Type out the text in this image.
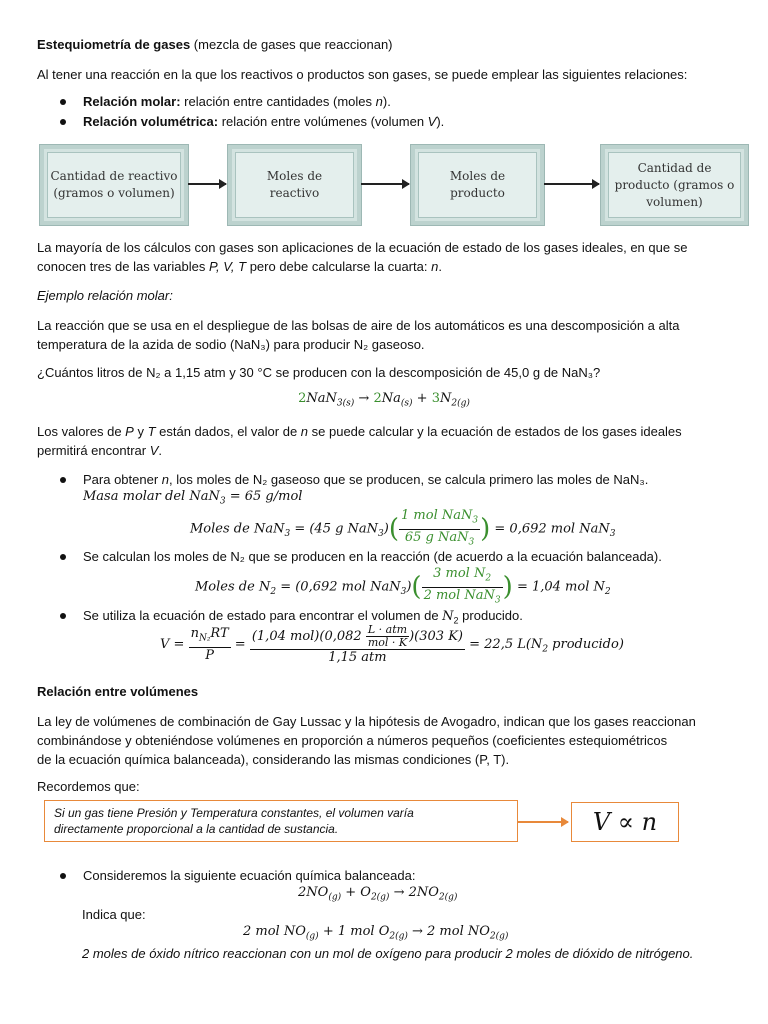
Estequiometría de gases (mezcla de gases que reaccionan)
Al tener una reacción en la que los reactivos o productos son gases, se puede emplear las siguientes relaciones:
Relación molar: relación entre cantidades (moles n).
Relación volumétrica: relación entre volúmenes (volumen V).
Cantidad de reactivo (gramos o volumen)
Moles de reactivo
Moles de producto
Cantidad de producto (gramos o volumen)
La mayoría de los cálculos con gases son aplicaciones de la ecuación de estado de los gases ideales, en que se
conocen tres de las variables P, V, T pero debe calcularse la cuarta: n.
Ejemplo relación molar:
La reacción que se usa en el despliegue de las bolsas de aire de los automáticos es una descomposición a alta
temperatura de la azida de sodio (NaN₃) para producir N₂ gaseoso.
¿Cuántos litros de N₂ a 1,15 atm y 30 °C se producen con la descomposición de 45,0 g de NaN₃?
$2NaN_{3(s)} \to 2Na_{(s)} + 3N_{2(g)}$
Los valores de P y T están dados, el valor de n se puede calcular y la ecuación de estados de los gases ideales
permitirá encontrar V.
Para obtener n, los moles de N₂ gaseoso que se producen, se calcula primero las moles de NaN₃.
Masa molar del NaN$_3$ = 65 g/mol
Moles de NaN$_3$ = (45 g $NaN_3)( \frac{1 mol NaN_3}{65 g NaN_3}$ ) = 0,692 mol NaN$_3$
Se calculan los moles de N₂ que se producen en la reacción (de acuerdo a la ecuación balanceada).
Moles de $N_2 = (0,692$ mol $NaN_3)( \frac{3 mol N_2}{2 mol NaN_3}$ ) = 1,04 mol $N_2$
Se utiliza la ecuación de estado para encontrar el volumen de $N_2$ producido.
$V = \frac{n_{N_2}RT}{P} = \frac{(1,04 mol)(0,082 \frac{\text{L · atm}}{\text{mol · K}} )(303 K)}{\text{1,15 atm}} = 22,5$ $L(N_2$ producido)
Relación entre volúmenes
La ley de volúmenes de combinación de Gay Lussac y la hipótesis de Avogadro, indican que los gases reaccionan
combinándose y obteniéndose volúmenes en proporción a números pequeños (coeficientes estequiométricos
de la ecuación química balanceada), considerando las mismas condiciones (P, T).
Recordemos que:
Si un gas tiene Presión y Temperatura constantes, el volumen varía
directamente proporcional a la cantidad de sustancia.	V ∝ n
Consideremos la siguiente ecuación química balanceada:
$2NO_{(g)} + O_{2(g)} \to 2NO_{2(g)}$
Indica que:
2 mol $NO_{(g)} + 1$ mol $O_{2(g)} \to 2$ mol $NO_{2(g)}$
2 moles de óxido nítrico reaccionan con un mol de oxígeno para producir 2 moles de dióxido de nitrógeno.
